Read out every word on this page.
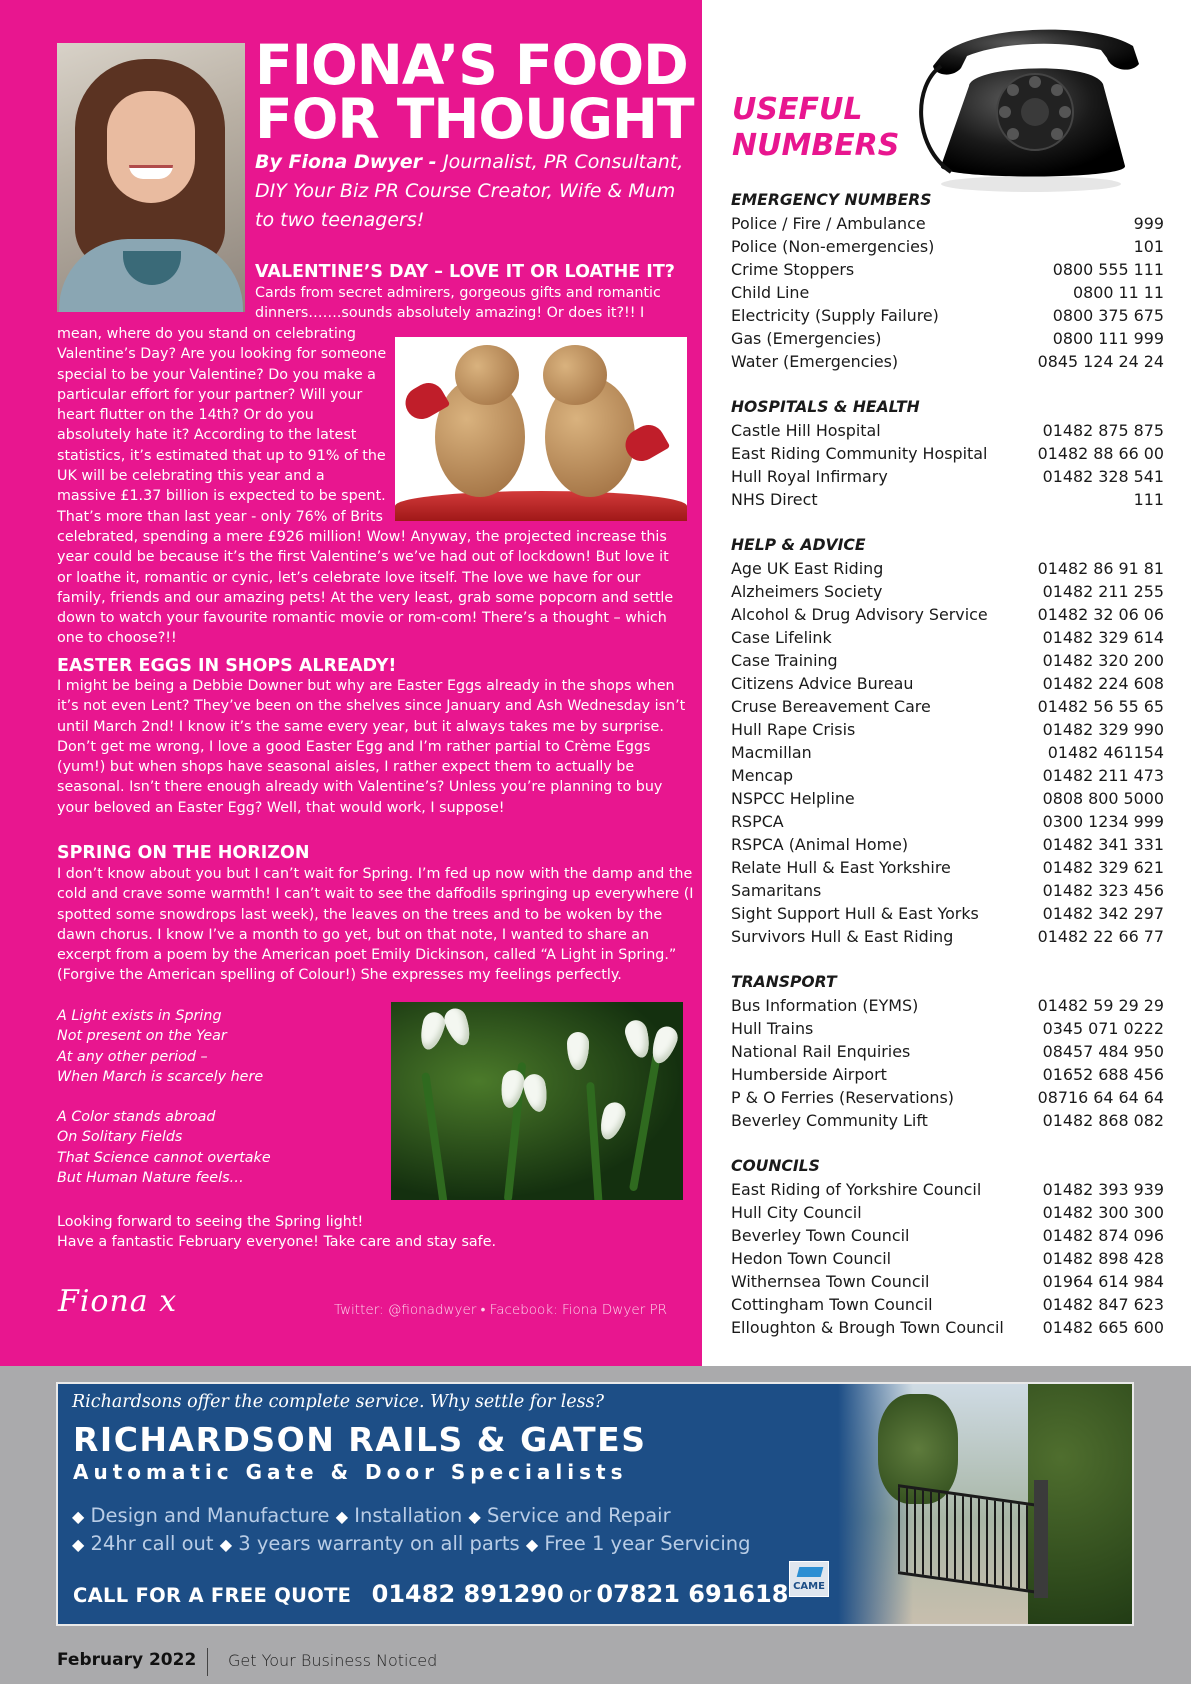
FIONA’S FOOD
FOR THOUGHT
By Fiona Dwyer - Journalist, PR Consultant, DIY Your Biz PR Course Creator, Wife & Mum to two teenagers!
VALENTINE’S DAY – LOVE IT OR LOATHE IT?
Cards from secret admirers, gorgeous gifts and romantic dinners…….sounds absolutely amazing! Or does it?!! I
mean, where do you stand on celebrating Valentine’s Day? Are you looking for someone special to be your Valentine? Do you make a particular effort for your partner? Will your heart flutter on the 14th? Or do you absolutely hate it? According to the latest statistics, it’s estimated that up to 91% of the UK will be celebrating this year and a massive £1.37 billion is expected to be spent. That’s more than last year - only 76% of Brits celebrated, spending a mere £926 million! Wow! Anyway, the projected increase this year could be because it’s the first Valentine’s we’ve had out of lockdown! But love it or loathe it, romantic or cynic, let’s celebrate love itself. The love we have for our family, friends and our amazing pets! At the very least, grab some popcorn and settle down to watch your favourite romantic movie or rom-com! There’s a thought – which one to choose?!!
EASTER EGGS IN SHOPS ALREADY!
I might be being a Debbie Downer but why are Easter Eggs already in the shops when it’s not even Lent? They’ve been on the shelves since January and Ash Wednesday isn’t until March 2nd! I know it’s the same every year, but it always takes me by surprise. Don’t get me wrong, I love a good Easter Egg and I’m rather partial to Crème Eggs (yum!) but when shops have seasonal aisles, I rather expect them to actually be seasonal. Isn’t there enough already with Valentine’s? Unless you’re planning to buy your beloved an Easter Egg? Well, that would work, I suppose!
SPRING ON THE HORIZON
I don’t know about you but I can’t wait for Spring. I’m fed up now with the damp and the cold and crave some warmth! I can’t wait to see the daffodils springing up everywhere (I spotted some snowdrops last week), the leaves on the trees and to be woken by the dawn chorus. I know I’ve a month to go yet, but on that note, I wanted to share an excerpt from a poem by the American poet Emily Dickinson, called “A Light in Spring.” (Forgive the American spelling of Colour!) She expresses my feelings perfectly.
A Light exists in Spring
Not present on the Year
At any other period –
When March is scarcely here
A Color stands abroad
On Solitary Fields
That Science cannot overtake
But Human Nature feels…
Looking forward to seeing the Spring light!
Have a fantastic February everyone! Take care and stay safe.
Fiona x	Twitter: @fionadwyer • Facebook: Fiona Dwyer PR
USEFUL
NUMBERS
EMERGENCY NUMBERS
Police / Fire / Ambulance	999
Police (Non-emergencies)	101
Crime Stoppers	0800 555 111
Child Line	0800 11 11
Electricity (Supply Failure)	0800 375 675
Gas (Emergencies)	0800 111 999
Water (Emergencies)	0845 124 24 24
HOSPITALS & HEALTH
Castle Hill Hospital	01482 875 875
East Riding Community Hospital	01482 88 66 00
Hull Royal Infirmary	01482 328 541
NHS Direct	111
HELP & ADVICE
Age UK East Riding	01482 86 91 81
Alzheimers Society	01482 211 255
Alcohol & Drug Advisory Service	01482 32 06 06
Case Lifelink	01482 329 614
Case Training	01482 320 200
Citizens Advice Bureau	01482 224 608
Cruse Bereavement Care	01482 56 55 65
Hull Rape Crisis	01482 329 990
Macmillan	01482 461154
Mencap	01482 211 473
NSPCC Helpline	0808 800 5000
RSPCA	0300 1234 999
RSPCA (Animal Home)	01482 341 331
Relate Hull & East Yorkshire	01482 329 621
Samaritans	01482 323 456
Sight Support Hull & East Yorks	01482 342 297
Survivors Hull & East Riding	01482 22 66 77
TRANSPORT
Bus Information (EYMS)	01482 59 29 29
Hull Trains	0345 071 0222
National Rail Enquiries	08457 484 950
Humberside Airport	01652 688 456
P & O Ferries (Reservations)	08716 64 64 64
Beverley Community Lift	01482 868 082
COUNCILS
East Riding of Yorkshire Council	01482 393 939
Hull City Council	01482 300 300
Beverley Town Council	01482 874 096
Hedon Town Council	01482 898 428
Withernsea Town Council	01964 614 984
Cottingham Town Council	01482 847 623
Elloughton & Brough Town Council 01482 665 600
Richardsons offer the complete service. Why settle for less?
RICHARDSON RAILS & GATES
Automatic Gate & Door Specialists
◆ Design and Manufacture ◆ Installation ◆ Service and Repair
◆ 24hr call out ◆ 3 years warranty on all parts ◆ Free 1 year Servicing
CALL FOR A FREE QUOTE 01482 891290 or 07821 691618 CAME
February 2022 Get Your Business Noticed
